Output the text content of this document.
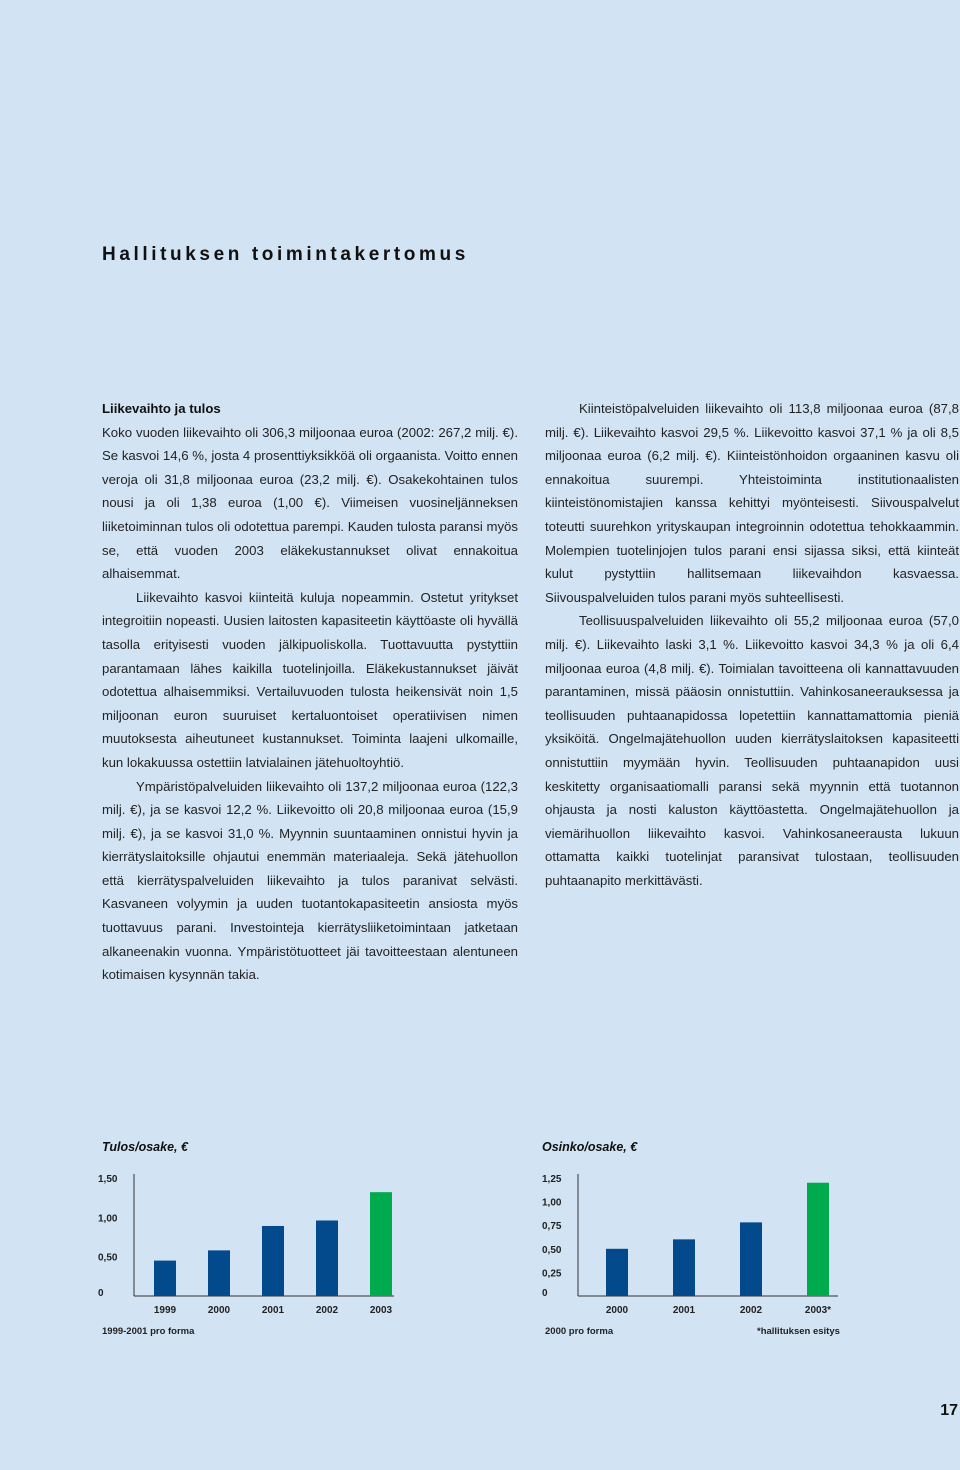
Hallituksen toimintakertomus
Liikevaihto ja tulos

Koko vuoden liikevaihto oli 306,3 miljoonaa euroa (2002: 267,2 milj. €). Se kasvoi 14,6 %, josta 4 prosenttiyksikköä oli orgaanista. Voitto ennen veroja oli 31,8 miljoonaa euroa (23,2 milj. €). Osakekohtainen tulos nousi ja oli 1,38 euroa (1,00 €). Viimeisen vuosineljänneksen liiketoiminnan tulos oli odotettua parempi. Kauden tulosta paransi myös se, että vuoden 2003 eläkekustannukset olivat ennakoitua alhaisemmat.

Liikevaihto kasvoi kiinteitä kuluja nopeammin. Ostetut yritykset integroitiin nopeasti. Uusien laitosten kapasiteetin käyttöaste oli hyvällä tasolla erityisesti vuoden jälkipuoliskolla. Tuottavuutta pystyttiin parantamaan lähes kaikilla tuotelinjoilla. Eläkekustannukset jäivät odotettua alhaisemmiksi. Vertailuvuoden tulosta heikensivät noin 1,5 miljoonan euron suuruiset kertaluontoiset operatiivisen nimen muutoksesta aiheutuneet kustannukset. Toiminta laajeni ulkomaille, kun lokakuussa ostettiin latvialainen jätehuoltoyhtiö.

Ympäristöpalveluiden liikevaihto oli 137,2 miljoonaa euroa (122,3 milj. €), ja se kasvoi 12,2 %. Liikevoitto oli 20,8 miljoonaa euroa (15,9 milj. €), ja se kasvoi 31,0 %. Myynnin suuntaaminen onnistui hyvin ja kierrätyslaitoksille ohjautui enemmän materiaaleja. Sekä jätehuollon että kierrätyspalveluiden liikevaihto ja tulos paranivat selvästi. Kasvaneen volyymin ja uuden tuotantokapasiteetin ansiosta myös tuottavuus parani. Investointeja kierrätysliiketoimintaan jatketaan alkaneenakin vuonna. Ympäristötuotteet jäi tavoitteestaan alentuneen kotimaisen kysynnän takia.

Kiinteistöpalveluiden liikevaihto oli 113,8 miljoonaa euroa (87,8 milj. €). Liikevaihto kasvoi 29,5 %. Liikevoitto kasvoi 37,1 % ja oli 8,5 miljoonaa euroa (6,2 milj. €). Kiinteistönhoidon orgaaninen kasvu oli ennakoitua suurempi. Yhteistoiminta institutionaalisten kiinteistönomistajien kanssa kehittyi myönteisesti. Siivouspalvelut toteutti suurehkon yrityskaupan integroinnin odotettua tehokkaammin. Molempien tuotelinjojen tulos parani ensi sijassa siksi, että kiinteät kulut pystyttiin hallitsemaan liikevaihdon kasvaessa. Siivouspalveluiden tulos parani myös suhteellisesti.

Teollisuuspalveluiden liikevaihto oli 55,2 miljoonaa euroa (57,0 milj. €). Liikevaihto laski 3,1 %. Liikevoitto kasvoi 34,3 % ja oli 6,4 miljoonaa euroa (4,8 milj. €). Toimialan tavoitteena oli kannattavuuden parantaminen, missä pääosin onnistuttiin. Vahinkosaneerauksessa ja teollisuuden puhtaanapidossa lopetettiin kannattamattomia pieniä yksiköitä. Ongelmajätehuollon uuden kierrätyslaitoksen kapasiteetti onnistuttiin myymään hyvin. Teollisuuden puhtaanapidon uusi keskitetty organisaatiomalli paransi sekä myynnin että tuotannon ohjausta ja nosti kaluston käyttöastetta. Ongelmajätehuollon ja viemärihuollon liikevaihto kasvoi. Vahinkosaneerausta lukuun ottamatta kaikki tuotelinjat paransivat tulostaan, teollisuuden puhtaanapito merkittävästi.

Tulos/osake, €
0
0,50
1,00
1,50
1999	2000	2001	2002	2003
1999-2001 pro forma
Osinko/osake, €
0
0,25
0,50
0,75
1,00
1,25
2000	2001	2002	2003*
2000 pro forma	*hallituksen esitys
17
